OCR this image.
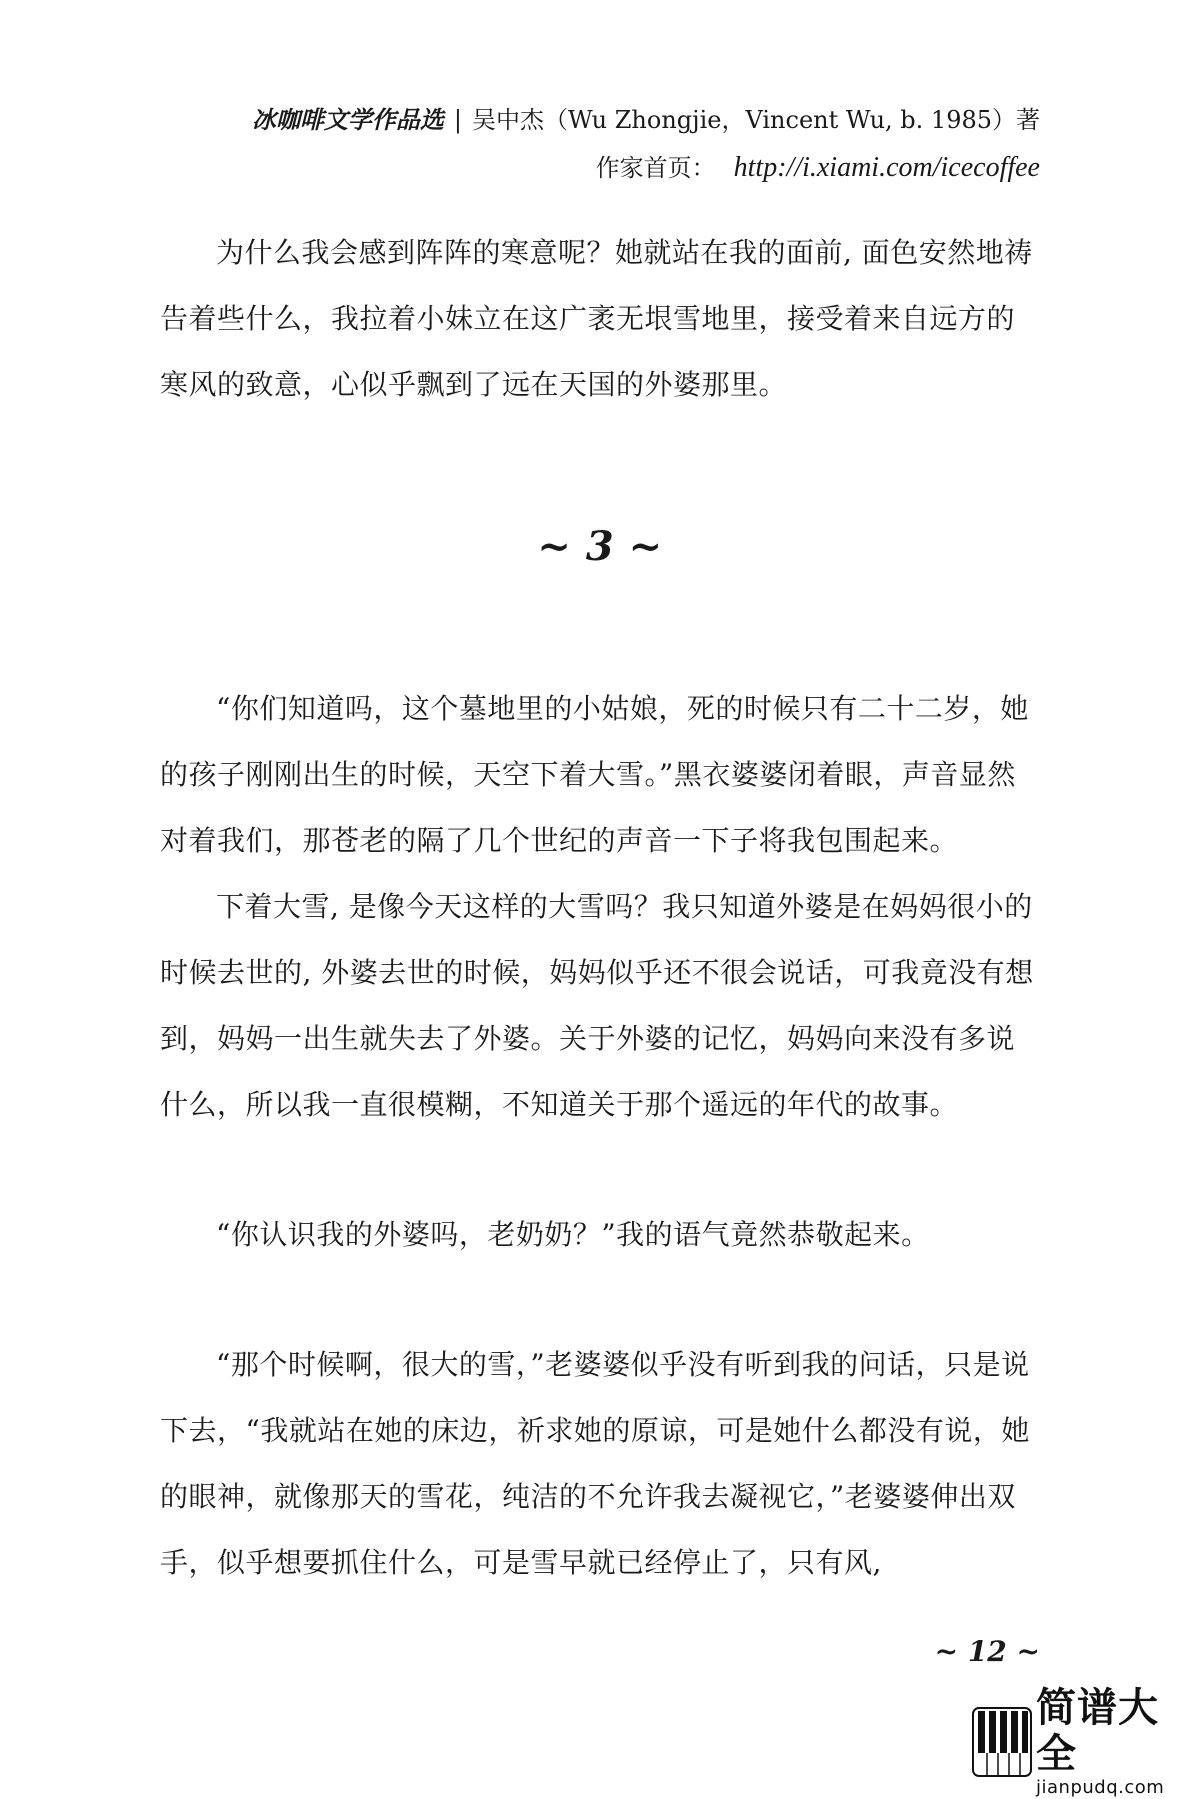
冰咖啡文学作品选 | 吴中杰（Wu Zhongjie，Vincent Wu, b. 1985）著
作家首页： http://i.xiami.com/icecoffee

为什么我会感到阵阵的寒意呢？她就站在我的面前, 面色安然地祷告着些什么，我拉着小妹立在这广袤无垠雪地里，接受着来自远方的寒风的致意，心似乎飘到了远在天国的外婆那里。

~ 3 ~

“你们知道吗，这个墓地里的小姑娘，死的时候只有二十二岁，她的孩子刚刚出生的时候，天空下着大雪。”黑衣婆婆闭着眼，声音显然对着我们，那苍老的隔了几个世纪的声音一下子将我包围起来。

下着大雪, 是像今天这样的大雪吗？我只知道外婆是在妈妈很小的时候去世的, 外婆去世的时候，妈妈似乎还不很会说话，可我竟没有想到，妈妈一出生就失去了外婆。关于外婆的记忆，妈妈向来没有多说什么，所以我一直很模糊，不知道关于那个遥远的年代的故事。

“你认识我的外婆吗，老奶奶？”我的语气竟然恭敬起来。

“那个时候啊，很大的雪，”老婆婆似乎没有听到我的问话，只是说下去，“我就站在她的床边，祈求她的原谅，可是她什么都没有说，她的眼神，就像那天的雪花，纯洁的不允许我去凝视它，”老婆婆伸出双手，似乎想要抓住什么，可是雪早就已经停止了，只有风,

~ 12 ~
简谱大全
jianpudq.com
